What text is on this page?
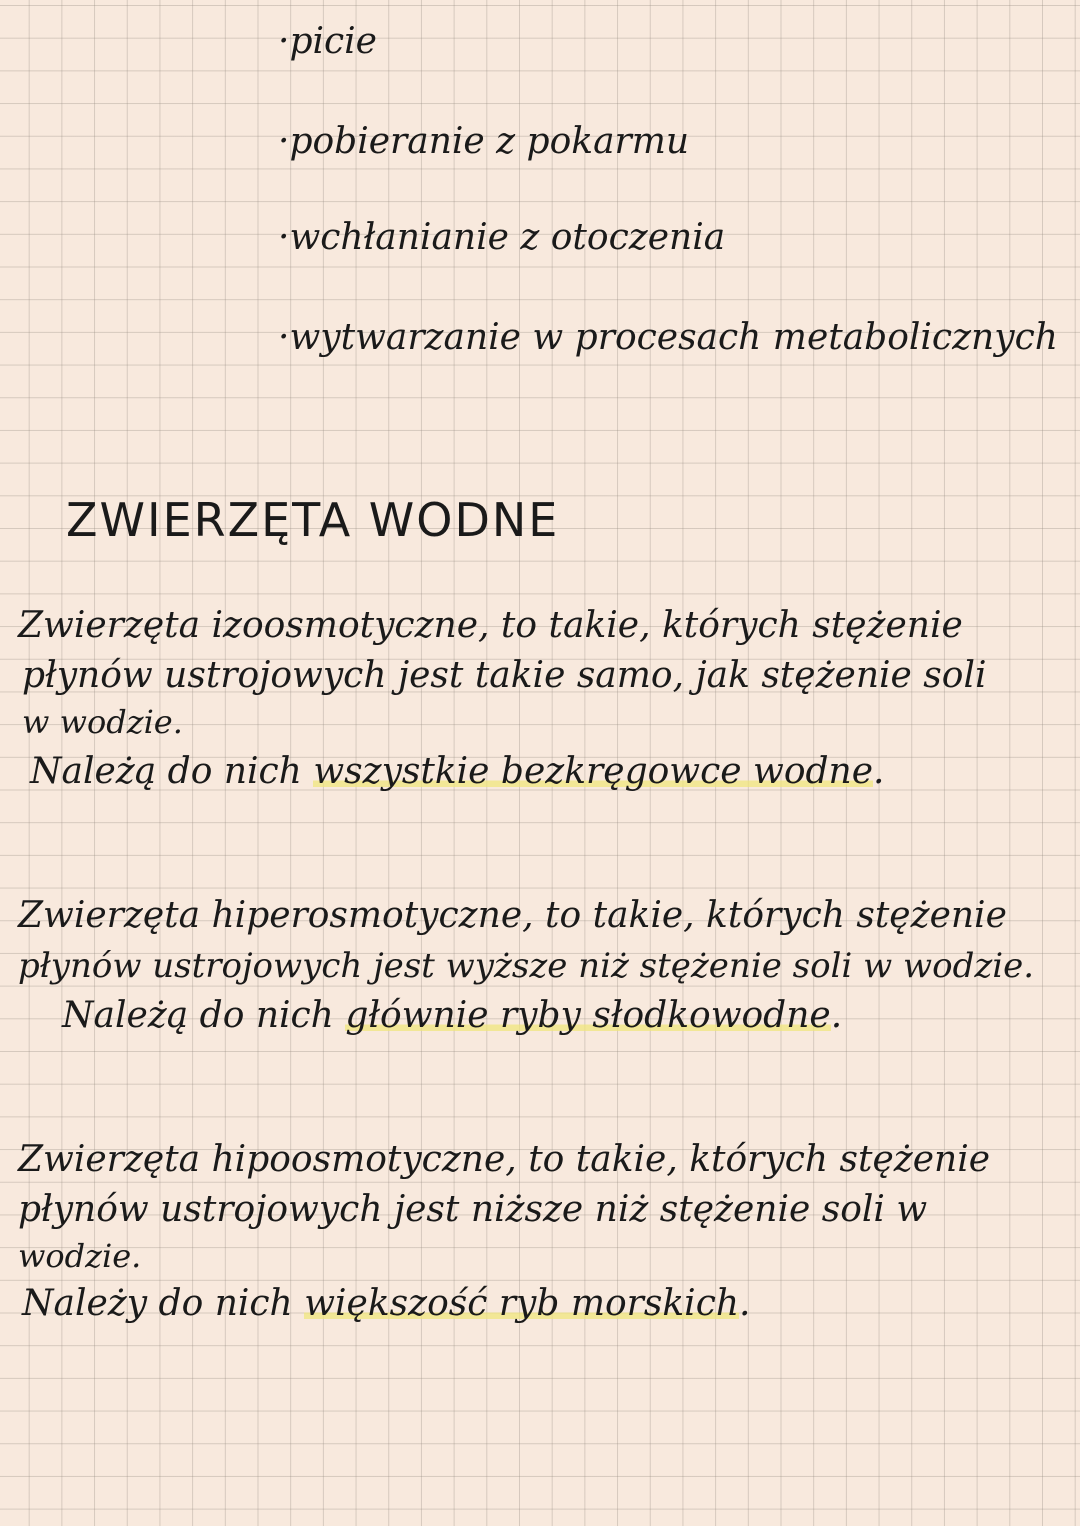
·picie
·pobieranie z pokarmu
·wchłanianie z otoczenia
·wytwarzanie w procesach metabolicznych
ZWIERZĘTA WODNE
Zwierzęta izoosmotyczne, to takie, których stężenie
płynów ustrojowych jest takie samo, jak stężenie soli
w wodzie.
Należą do nich wszystkie bezkręgowce wodne.
Zwierzęta hiperosmotyczne, to takie, których stężenie
płynów ustrojowych jest wyższe niż stężenie soli w wodzie.
Należą do nich głównie ryby słodkowodne.
Zwierzęta hipoosmotyczne, to takie, których stężenie
płynów ustrojowych jest niższe niż stężenie soli w
wodzie.
Należy do nich większość ryb morskich.
